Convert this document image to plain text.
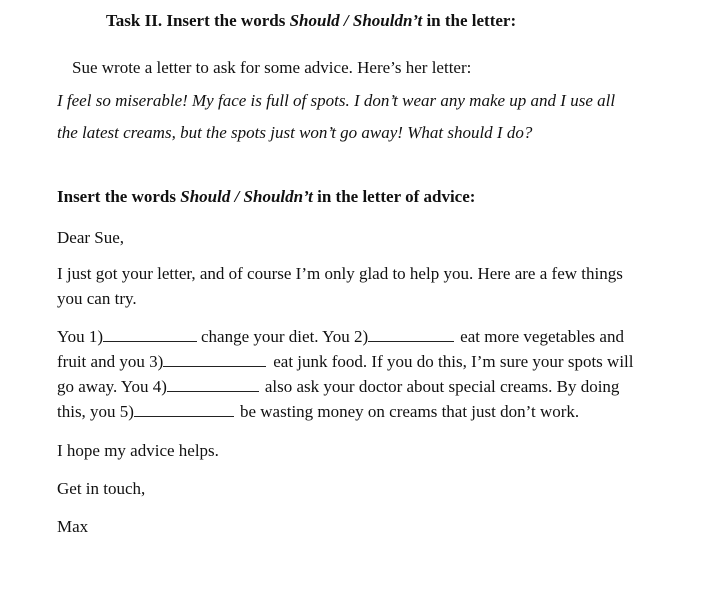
Task II. Insert the words Should / Shouldn’t in the letter:
Sue wrote a letter to ask for some advice. Here’s her letter:
I feel so miserable! My face is full of spots. I don’t wear any make up and I use all
the latest creams, but the spots just won’t go away! What should I do?
Insert the words Should / Shouldn’t in the letter of advice:
Dear Sue,
I just got your letter, and of course I’m only glad to help you. Here are a few things
you can try.
You 1)	change your diet. You 2)	eat more vegetables and
fruit and you 3)	eat junk food. If you do this, I’m sure your spots will
go away. You 4)	also ask your doctor about special creams. By doing
this, you 5)	be wasting money on creams that just don’t work.
I hope my advice helps.
Get in touch,
Max
